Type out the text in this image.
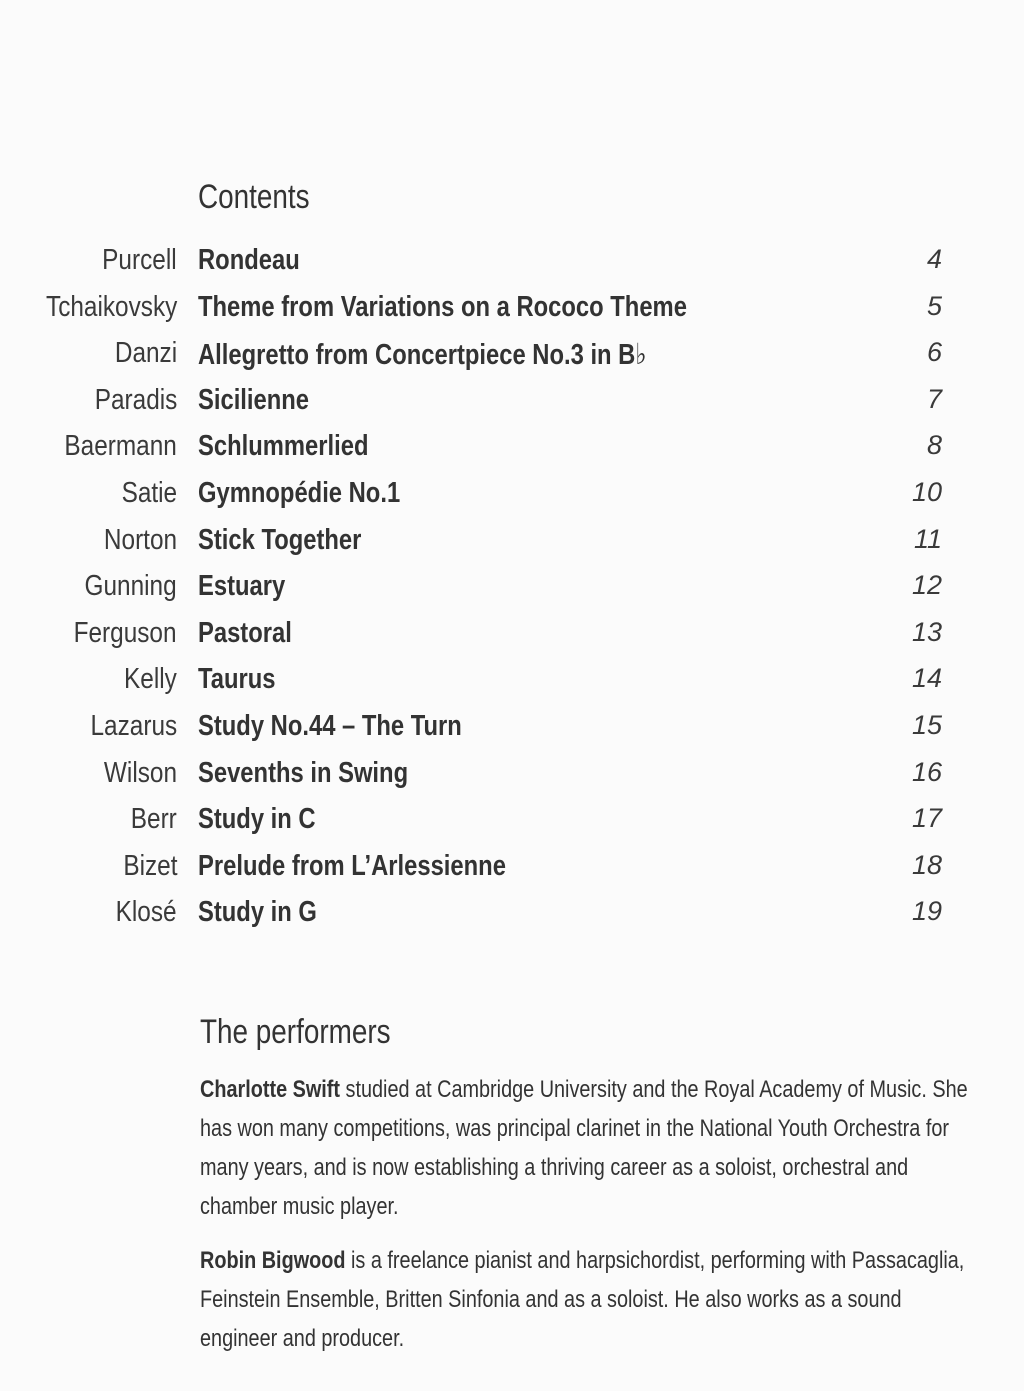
Contents
Purcell Rondeau	4
Tchaikovsky Theme from Variations on a Rococo Theme	5
Danzi Allegretto from Concertpiece No.3 in B♭	6
Paradis Sicilienne	7
Baermann Schlummerlied	8
Satie Gymnopédie No.1	10
Norton Stick Together	11
Gunning Estuary	12
Ferguson Pastoral	13
Kelly Taurus	14
Lazarus Study No.44 – The Turn	15
Wilson Sevenths in Swing	16
Berr Study in C	17
Bizet Prelude from L’Arlessienne	18
Klosé Study in G	19
The performers

Charlotte Swift studied at Cambridge University and the Royal Academy of Music. She has won many competitions, was principal clarinet in the National Youth Orchestra for many years, and is now establishing a thriving career as a soloist, orchestral and chamber music player.

Robin Bigwood is a freelance pianist and harpsichordist, performing with Passacaglia, Feinstein Ensemble, Britten Sinfonia and as a soloist. He also works as a sound engineer and producer.
